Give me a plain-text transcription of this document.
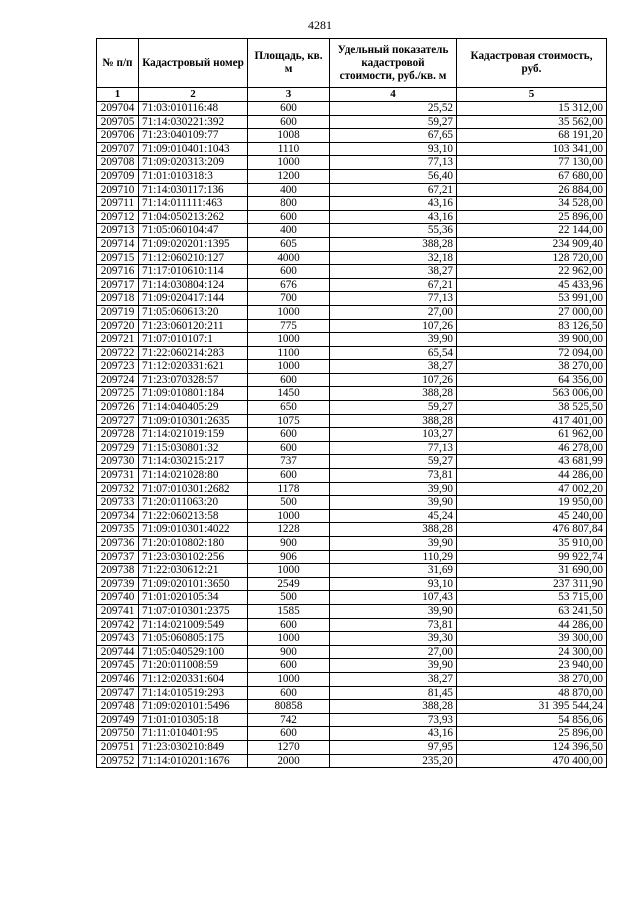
4281
№ п/п	Кадастровый номер	Площадь, кв. м	Удельный показатель кадастровой стоимости, руб./кв. м	Кадастровая стоимость, руб.
1	2	3	4	5
209704	71:03:010116:48	600	25,52	15 312,00
209705	71:14:030221:392	600	59,27	35 562,00
209706	71:23:040109:77	1008	67,65	68 191,20
209707	71:09:010401:1043	1110	93,10	103 341,00
209708	71:09:020313:209	1000	77,13	77 130,00
209709	71:01:010318:3	1200	56,40	67 680,00
209710	71:14:030117:136	400	67,21	26 884,00
209711	71:14:011111:463	800	43,16	34 528,00
209712	71:04:050213:262	600	43,16	25 896,00
209713	71:05:060104:47	400	55,36	22 144,00
209714	71:09:020201:1395	605	388,28	234 909,40
209715	71:12:060210:127	4000	32,18	128 720,00
209716	71:17:010610:114	600	38,27	22 962,00
209717	71:14:030804:124	676	67,21	45 433,96
209718	71:09:020417:144	700	77,13	53 991,00
209719	71:05:060613:20	1000	27,00	27 000,00
209720	71:23:060120:211	775	107,26	83 126,50
209721	71:07:010107:1	1000	39,90	39 900,00
209722	71:22:060214:283	1100	65,54	72 094,00
209723	71:12:020331:621	1000	38,27	38 270,00
209724	71:23:070328:57	600	107,26	64 356,00
209725	71:09:010801:184	1450	388,28	563 006,00
209726	71:14:040405:29	650	59,27	38 525,50
209727	71:09:010301:2635	1075	388,28	417 401,00
209728	71:14:021019:159	600	103,27	61 962,00
209729	71:15:030801:32	600	77,13	46 278,00
209730	71:14:030215:217	737	59,27	43 681,99
209731	71:14:021028:80	600	73,81	44 286,00
209732	71:07:010301:2682	1178	39,90	47 002,20
209733	71:20:011063:20	500	39,90	19 950,00
209734	71:22:060213:58	1000	45,24	45 240,00
209735	71:09:010301:4022	1228	388,28	476 807,84
209736	71:20:010802:180	900	39,90	35 910,00
209737	71:23:030102:256	906	110,29	99 922,74
209738	71:22:030612:21	1000	31,69	31 690,00
209739	71:09:020101:3650	2549	93,10	237 311,90
209740	71:01:020105:34	500	107,43	53 715,00
209741	71:07:010301:2375	1585	39,90	63 241,50
209742	71:14:021009:549	600	73,81	44 286,00
209743	71:05:060805:175	1000	39,30	39 300,00
209744	71:05:040529:100	900	27,00	24 300,00
209745	71:20:011008:59	600	39,90	23 940,00
209746	71:12:020331:604	1000	38,27	38 270,00
209747	71:14:010519:293	600	81,45	48 870,00
209748	71:09:020101:5496	80858	388,28	31 395 544,24
209749	71:01:010305:18	742	73,93	54 856,06
209750	71:11:010401:95	600	43,16	25 896,00
209751	71:23:030210:849	1270	97,95	124 396,50
209752	71:14:010201:1676	2000	235,20	470 400,00
